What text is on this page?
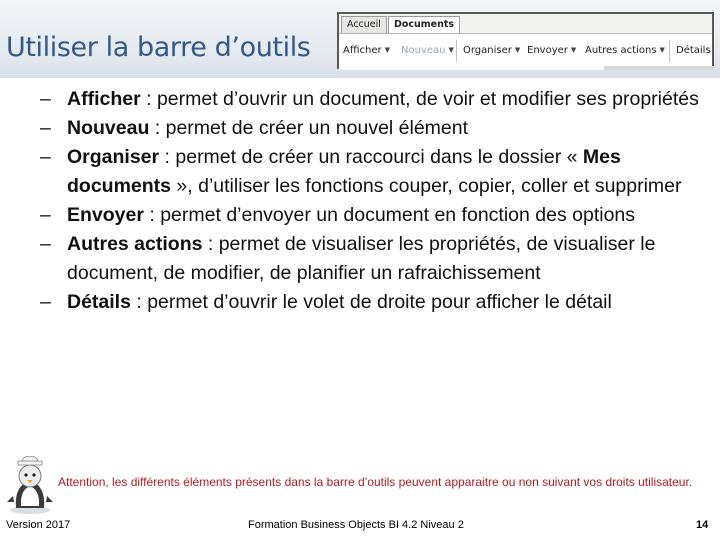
Utiliser la barre d’outils
Accueil	Documents
Afficher ▼ Nouveau ▼ Organiser ▼ Envoyer ▼ Autres actions ▼ Détails
– Afficher : permet d’ouvrir un document, de voir et modifier ses propriétés
– Nouveau : permet de créer un nouvel élément
– Organiser : permet de créer un raccourci dans le dossier « Mes documents », d’utiliser les fonctions couper, copier, coller et supprimer
– Envoyer : permet d’envoyer un document en fonction des options
– Autres actions : permet de visualiser les propriétés, de visualiser le document, de modifier, de planifier un rafraichissement
– Détails : permet d’ouvrir le volet de droite pour afficher le détail
Attention, les différents éléments présents dans la barre d’outils peuvent apparaitre ou non suivant vos droits utilisateur.
Version 2017	Formation Business Objects BI 4.2 Niveau 2	14
